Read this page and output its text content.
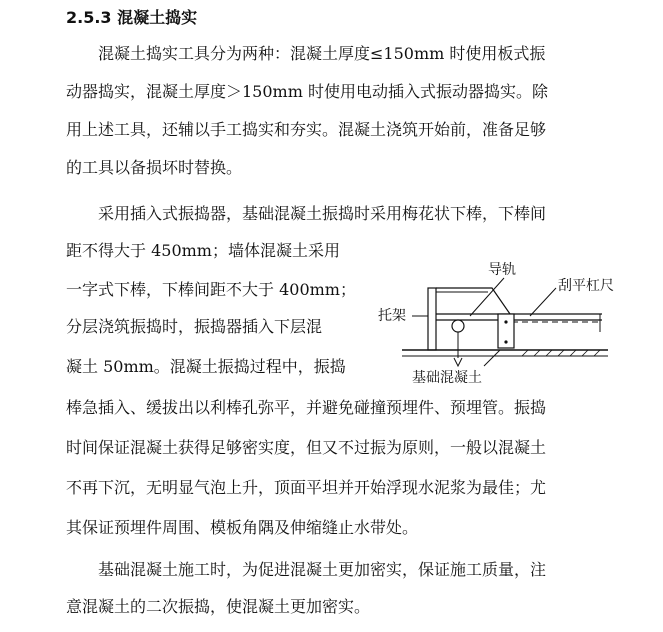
2.5.3 混凝土捣实
混凝土捣实工具分为两种：混凝土厚度≤150mm 时使用板式振
动器捣实，混凝土厚度＞150mm 时使用电动插入式振动器捣实。除
用上述工具，还辅以手工捣实和夯实。混凝土浇筑开始前，准备足够
的工具以备损坏时替换。
采用插入式振捣器，基础混凝土振捣时采用梅花状下棒，下棒间
距不得大于 450mm；墙体混凝土采用
一字式下棒，下棒间距不大于 400mm；
分层浇筑振捣时，振捣器插入下层混
凝土 50mm。混凝土振捣过程中，振捣
棒急插入、缓拔出以利棒孔弥平，并避免碰撞预埋件、预埋管。振捣
时间保证混凝土获得足够密实度，但又不过振为原则，一般以混凝土
不再下沉，无明显气泡上升，顶面平坦并开始浮现水泥浆为最佳；尤
其保证预埋件周围、模板角隅及伸缩缝止水带处。
基础混凝土施工时，为促进混凝土更加密实，保证施工质量，注
意混凝土的二次振捣，使混凝土更加密实。
导轨
刮平杠尺
托架
基础混凝土
